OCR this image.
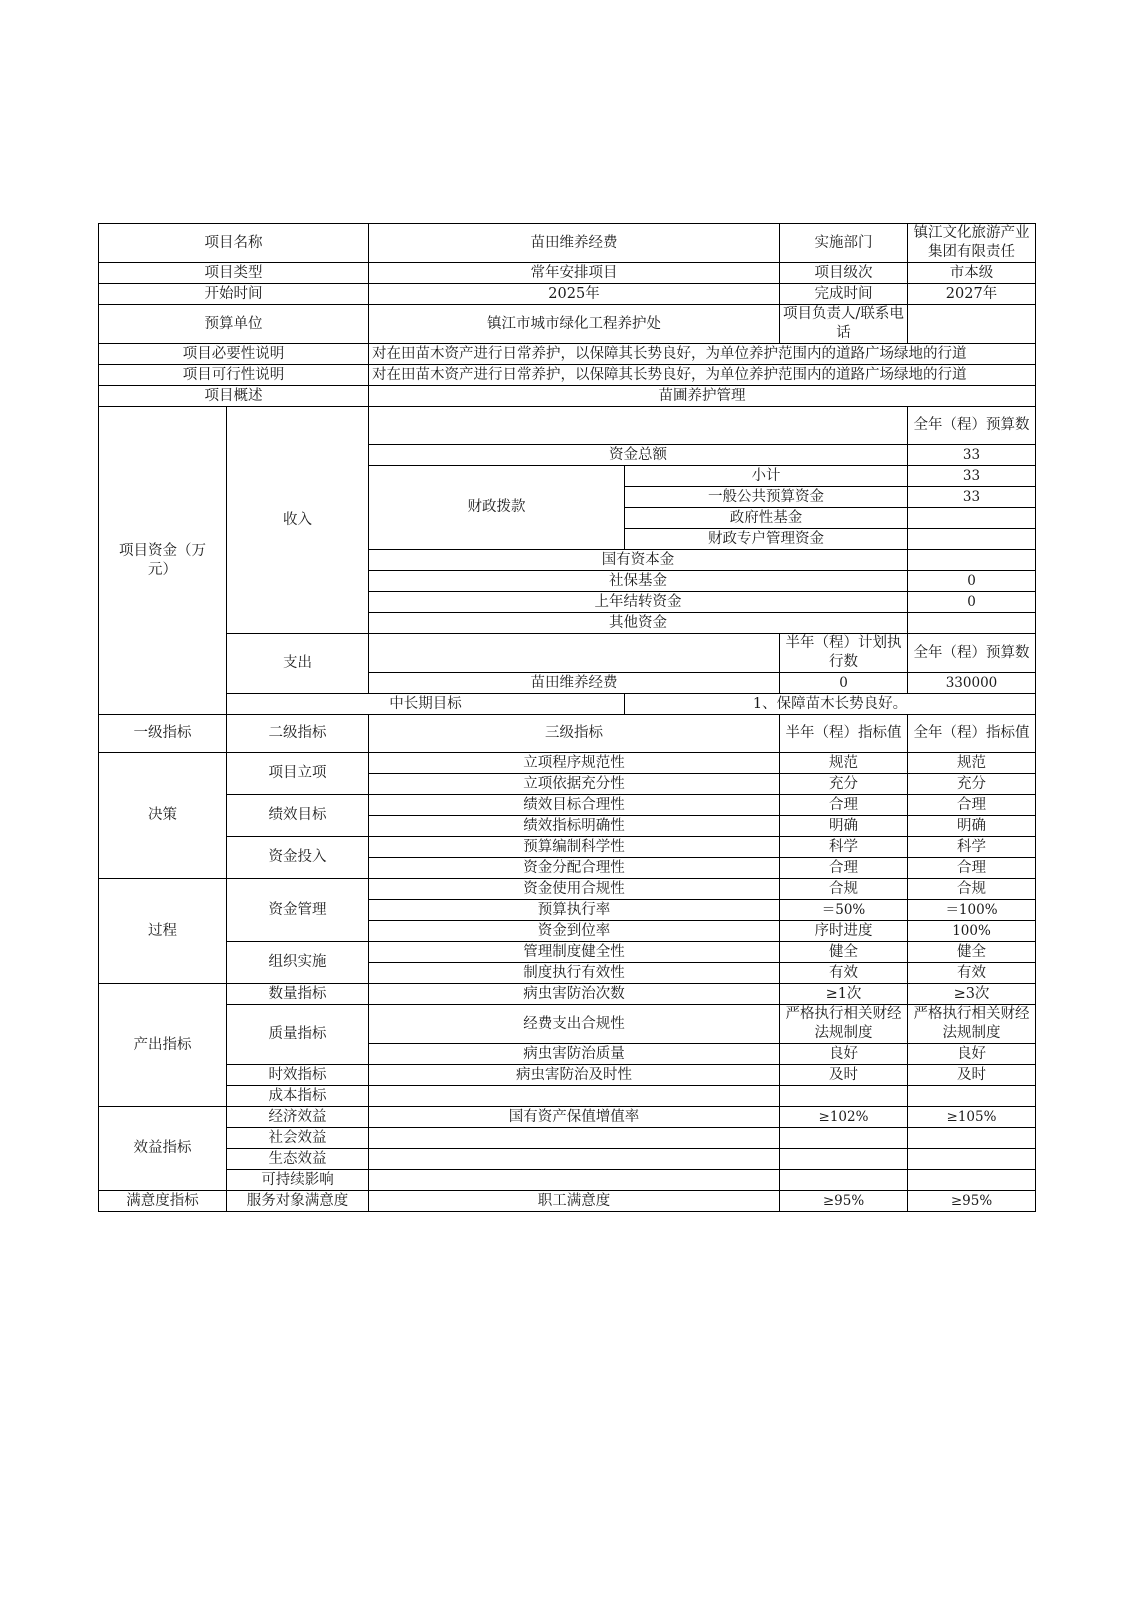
项目名称		苗田维养经费		实施部门	镇江文化旅游产业集团有限责任
项目类型		常年安排项目		项目级次	市本级
开始时间		2025年		完成时间	2027年
预算单位		镇江市城市绿化工程养护处		项目负责人/联系电话	
项目必要性说明		对在田苗木资产进行日常养护，以保障其长势良好，为单位养护范围内的道路广场绿地的行道			
项目可行性说明		对在田苗木资产进行日常养护，以保障其长势良好，为单位养护范围内的道路广场绿地的行道			
项目概述		苗圃养护管理			
项目资金（万元）	收入				全年（程）预算数
		资金总额			33
		财政拨款	小计		33
			一般公共预算资金		33
			政府性基金		
			财政专户管理资金		
		国有资本金			
		社保基金			0
		上年结转资金			0
		其他资金			
	支出			半年（程）计划执行数	全年（程）预算数
		苗田维养经费		0	330000
	中长期目标		1、保障苗木长势良好。		
一级指标	二级指标	三级指标		半年（程）指标值	全年（程）指标值
决策	项目立项	立项程序规范性		规范	规范
		立项依据充分性		充分	充分
	绩效目标	绩效目标合理性		合理	合理
		绩效指标明确性		明确	明确
	资金投入	预算编制科学性		科学	科学
		资金分配合理性		合理	合理
过程	资金管理	资金使用合规性		合规	合规
		预算执行率		＝50%	＝100%
		资金到位率		序时进度	100%
	组织实施	管理制度健全性		健全	健全
		制度执行有效性		有效	有效
产出指标	数量指标	病虫害防治次数		≥1次	≥3次
	质量指标	经费支出合规性		严格执行相关财经法规制度	严格执行相关财经法规制度
		病虫害防治质量		良好	良好
	时效指标	病虫害防治及时性		及时	及时
	成本指标				
效益指标	经济效益	国有资产保值增值率		≥102%	≥105%
	社会效益				
	生态效益				
	可持续影响				
满意度指标	服务对象满意度	职工满意度		≥95%	≥95%
